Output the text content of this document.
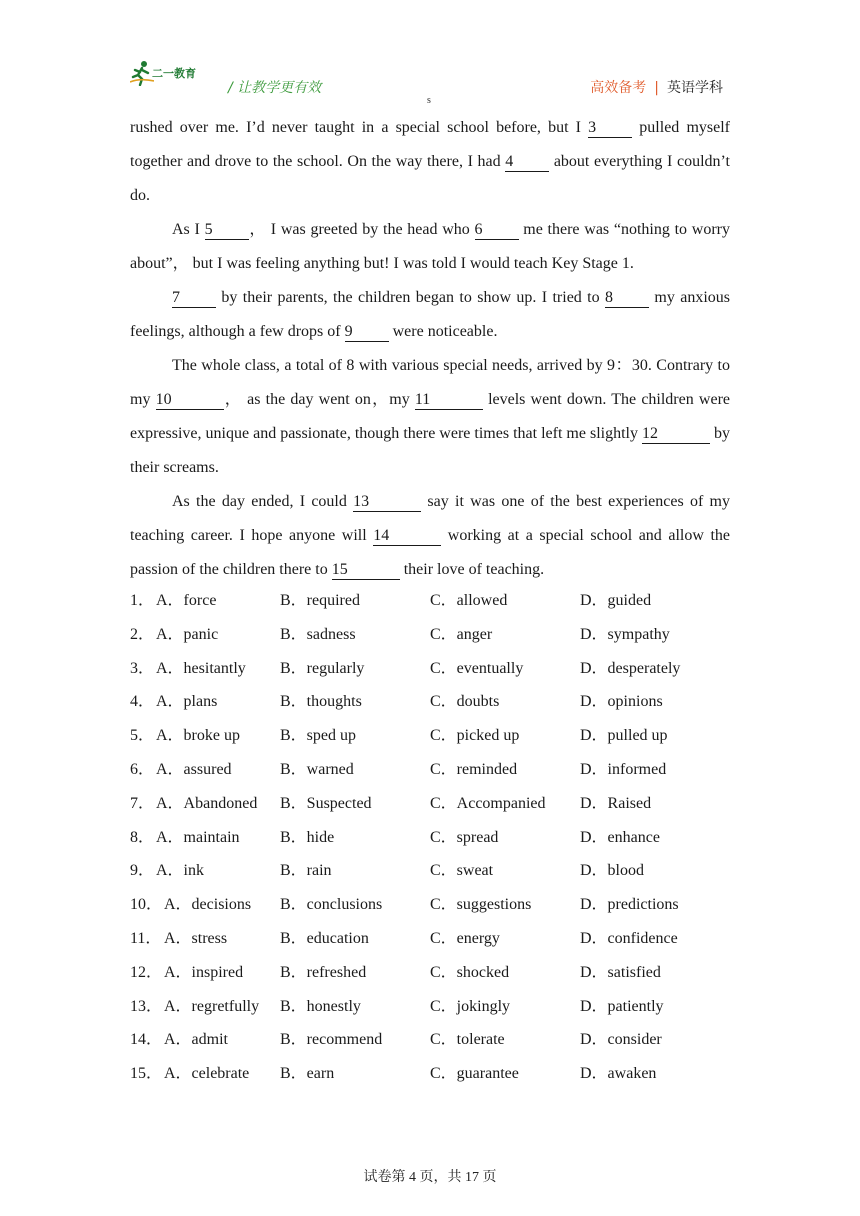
二一教育
/ 让教学更有效	高效备考 | 英语学科
s

rushed over me. I’d never taught in a special school before, but I 3 pulled myself together and drove to the school. On the way there, I had 4 about everything I couldn’t do.

As I 5 ， I was greeted by the head who 6 me there was “nothing to worry about”， but I was feeling anything but! I was told I would teach Key Stage 1.

7 by their parents, the children began to show up. I tried to 8 my anxious feelings, although a few drops of 9 were noticeable.

The whole class, a total of 8 with various special needs, arrived by 9：30. Contrary to my 10	， as the day went on，my 11	levels went down. The children were expressive, unique and passionate, though there were times that left me slightly 12	by their screams.

As the day ended, I could 13	say it was one of the best experiences of my teaching career. I hope anyone will 14	working at a special school and allow the passion of the children there to 15	their love of teaching.

1． A．force	B．required	C．allowed	D．guided
2． A．panic	B．sadness	C．anger	D．sympathy
3． A．hesitantly B．regularly	C．eventually	D．desperately
4． A．plans	B．thoughts	C．doubts	D．opinions
5． A．broke up	B．sped up	C．picked up	D．pulled up
6． A．assured	B．warned	C．reminded	D．informed
7． A．Abandoned B．Suspected	C．Accompanied D．Raised
8． A．maintain	B．hide	C．spread	D．enhance
9． A．ink	B．rain	C．sweat	D．blood
10． A．decisions B．conclusions	C．suggestions	D．predictions
11． A．stress	B．education	C．energy	D．confidence
12． A．inspired B．refreshed	C．shocked	D．satisfied
13． A．regretfully B．honestly	C．jokingly	D．patiently
14． A．admit	B．recommend	C．tolerate	D．consider
15． A．celebrate B．earn	C．guarantee	D．awaken
试卷第 4 页，共 17 页
